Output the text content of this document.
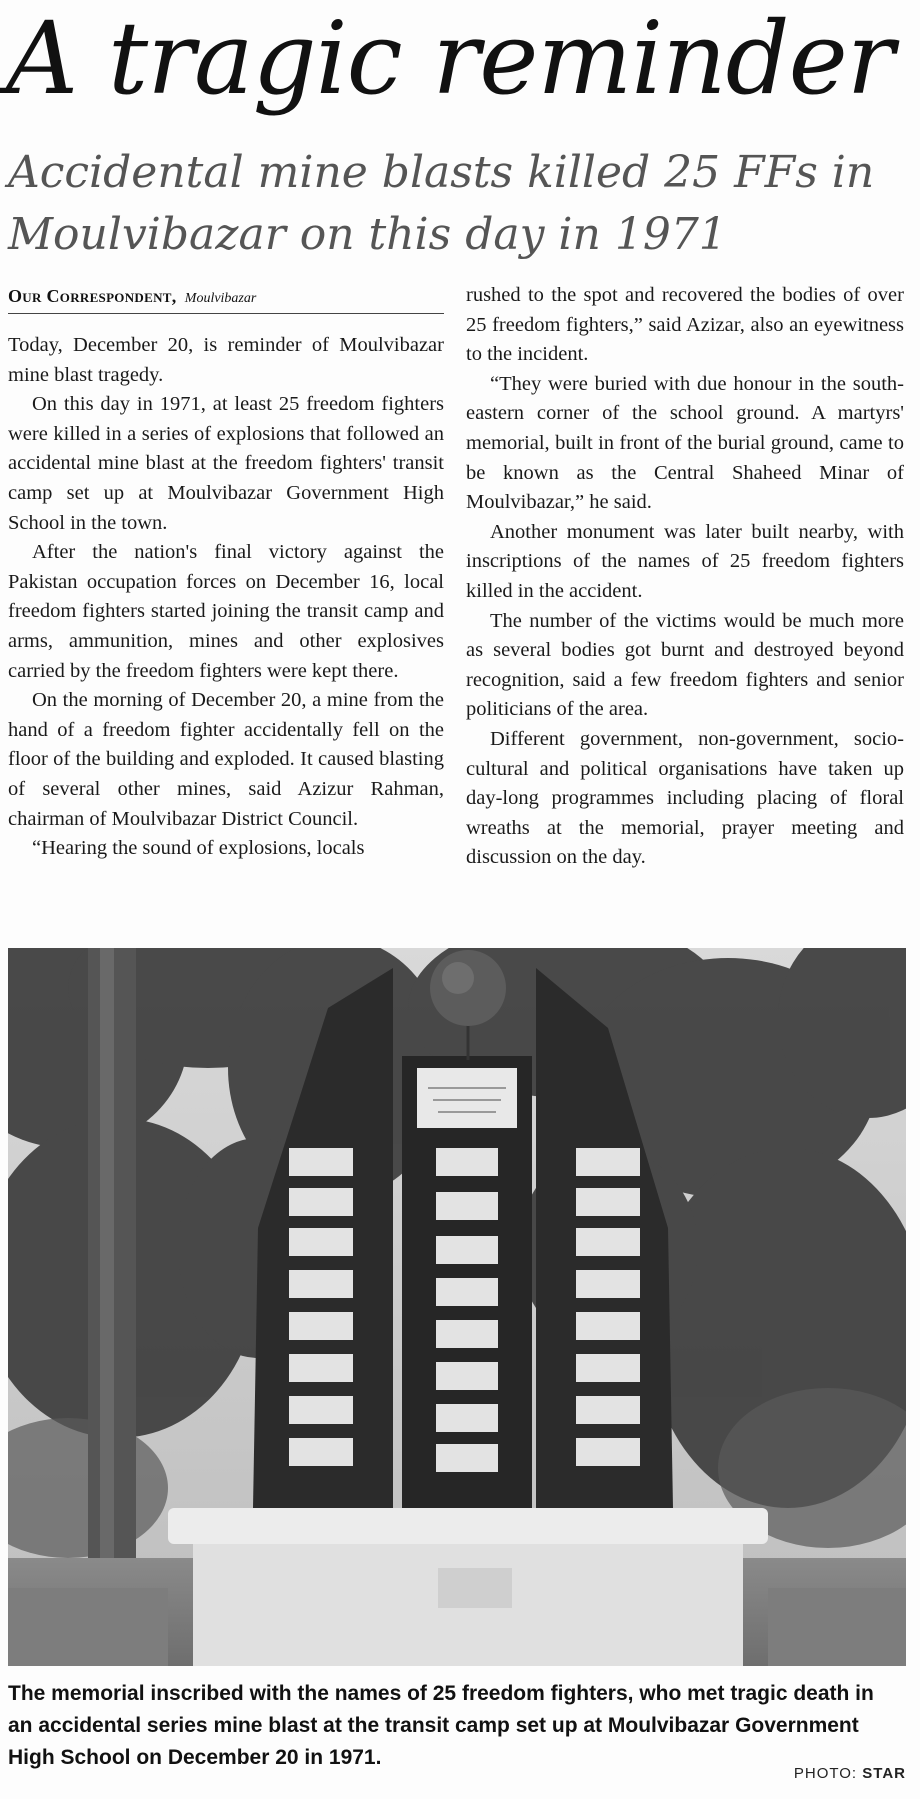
A tragic reminder
Accidental mine blasts killed 25 FFs in Moulvibazar on this day in 1971
Our Correspondent, Moulvibazar

Today, December 20, is reminder of Moulvibazar mine blast tragedy.

On this day in 1971, at least 25 freedom fighters were killed in a series of explosions that followed an accidental mine blast at the freedom fighters' transit camp set up at Moulvibazar Government High School in the town.

After the nation's final victory against the Pakistan occupation forces on December 16, local freedom fighters started joining the transit camp and arms, ammunition, mines and other explosives carried by the freedom fighters were kept there.

On the morning of December 20, a mine from the hand of a freedom fighter accidentally fell on the floor of the building and exploded. It caused blasting of several other mines, said Azizur Rahman, chairman of Moulvibazar District Council.

“Hearing the sound of explosions, locals

rushed to the spot and recovered the bodies of over 25 freedom fighters,” said Azizar, also an eyewitness to the incident.

“They were buried with due honour in the south-eastern corner of the school ground. A martyrs' memorial, built in front of the burial ground, came to be known as the Central Shaheed Minar of Moulvibazar,” he said.

Another monument was later built nearby, with inscriptions of the names of 25 freedom fighters killed in the accident.

The number of the victims would be much more as several bodies got burnt and destroyed beyond recognition, said a few freedom fighters and senior politicians of the area.

Different government, non-government, socio-cultural and political organisations have taken up day-long programmes including placing of floral wreaths at the memorial, prayer meeting and discussion on the day.

The memorial inscribed with the names of 25 freedom fighters, who met tragic death in an accidental series mine blast at the transit camp set up at Moulvibazar Government High School on December 20 in 1971.
PHOTO: STAR
